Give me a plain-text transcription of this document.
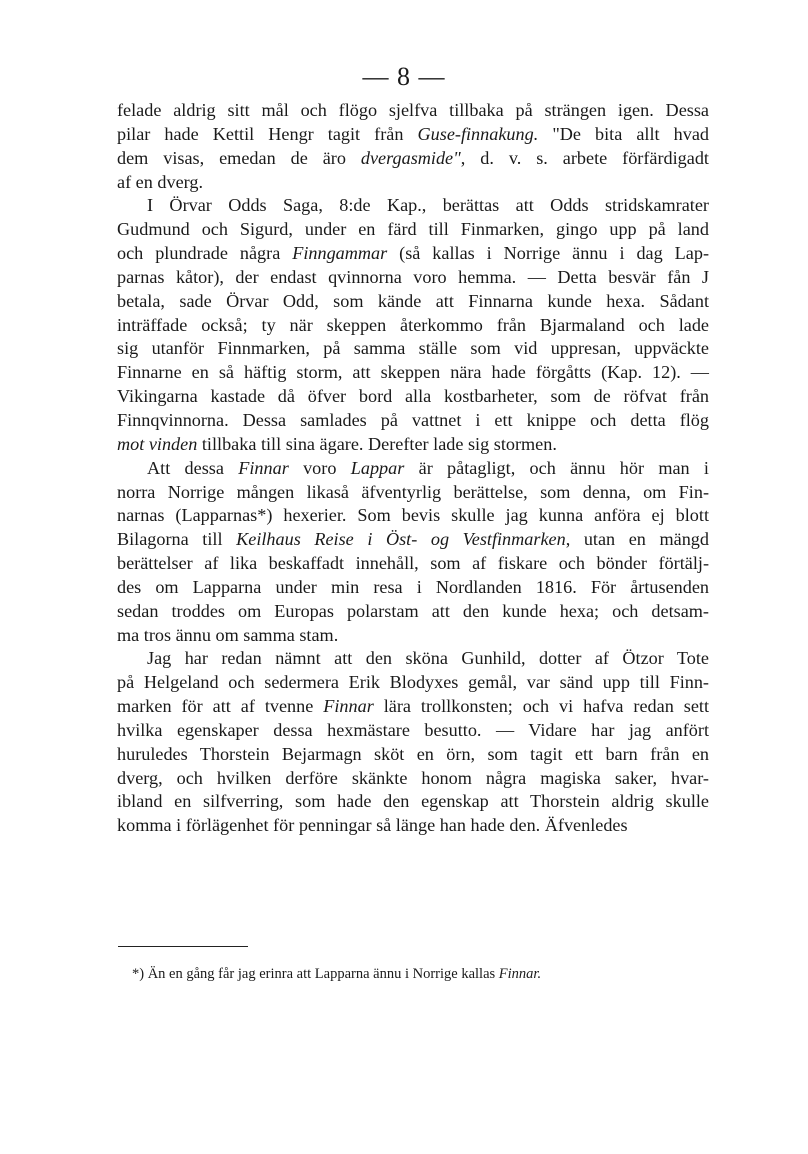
— 8 —
felade aldrig sitt mål och flögo sjelfva tillbaka på strängen igen. Dessa
pilar hade Kettil Hengr tagit från Guse-finnakung. "De bita allt hvad
dem visas, emedan de äro dvergasmide", d. v. s. arbete förfärdigadt
af en dverg.
I Örvar Odds Saga, 8:de Kap., berättas att Odds stridskamrater
Gudmund och Sigurd, under en färd till Finmarken, gingo upp på land
och plundrade några Finngammar (så kallas i Norrige ännu i dag Lap-
parnas kåtor), der endast qvinnorna voro hemma. — Detta besvär fån J
betala, sade Örvar Odd, som kände att Finnarna kunde hexa. Sådant
inträffade också; ty när skeppen återkommo från Bjarmaland och lade
sig utanför Finnmarken, på samma ställe som vid uppresan, uppväckte
Finnarne en så häftig storm, att skeppen nära hade förgåtts (Kap. 12). —
Vikingarna kastade då öfver bord alla kostbarheter, som de röfvat från
Finnqvinnorna. Dessa samlades på vattnet i ett knippe och detta flög
mot vinden tillbaka till sina ägare. Derefter lade sig stormen.
Att dessa Finnar voro Lappar är påtagligt, och ännu hör man i
norra Norrige mången likaså äfventyrlig berättelse, som denna, om Fin-
narnas (Lapparnas*) hexerier. Som bevis skulle jag kunna anföra ej blott
Bilagorna till Keilhaus Reise i Öst- og Vestfinmarken, utan en mängd
berättelser af lika beskaffadt innehåll, som af fiskare och bönder förtälj-
des om Lapparna under min resa i Nordlanden 1816. För årtusenden
sedan troddes om Europas polarstam att den kunde hexa; och detsam-
ma tros ännu om samma stam.
Jag har redan nämnt att den sköna Gunhild, dotter af Ötzor Tote
på Helgeland och sedermera Erik Blodyxes gemål, var sänd upp till Finn-
marken för att af tvenne Finnar lära trollkonsten; och vi hafva redan sett
hvilka egenskaper dessa hexmästare besutto. — Vidare har jag anfört
huruledes Thorstein Bejarmagn sköt en örn, som tagit ett barn från en
dverg, och hvilken derföre skänkte honom några magiska saker, hvar-
ibland en silfverring, som hade den egenskap att Thorstein aldrig skulle
komma i förlägenhet för penningar så länge han hade den. Äfvenledes
*) Än en gång får jag erinra att Lapparna ännu i Norrige kallas Finnar.
